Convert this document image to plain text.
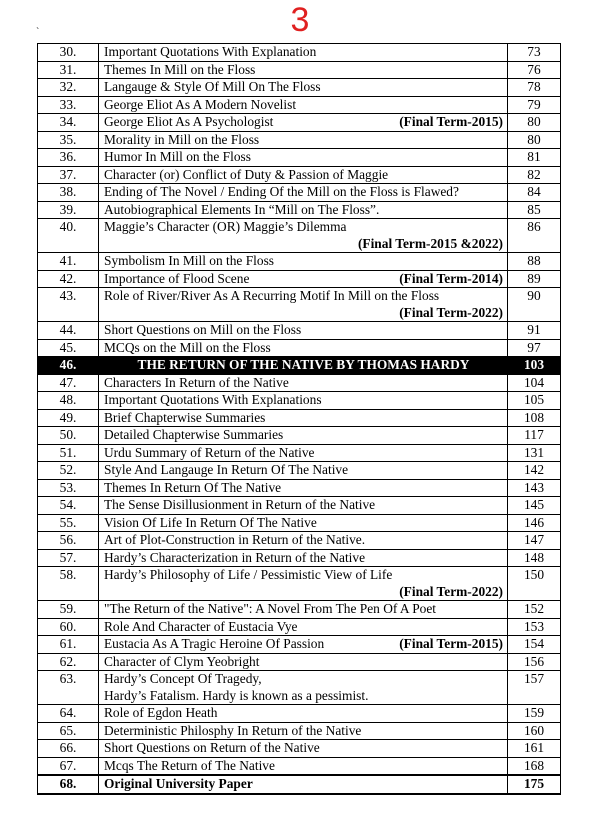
3
`
30.	Important Quotations With Explanation	73
31.	Themes In Mill on the Floss	76
32.	Langauge & Style Of Mill On The Floss	78
33.	George Eliot As A Modern Novelist	79
34.	George Eliot As A Psychologist (Final Term-2015)	80
35.	Morality in Mill on the Floss	80
36.	Humor In Mill on the Floss	81
37.	Character (or) Conflict of Duty & Passion of Maggie	82
38.	Ending of The Novel / Ending Of the Mill on the Floss is Flawed?	84
39.	Autobiographical Elements In “Mill on The Floss”.	85
40.	Maggie’s Character (OR) Maggie’s Dilemma
(Final Term-2015 &2022)	86
41.	Symbolism In Mill on the Floss	88
42.	Importance of Flood Scene (Final Term-2014)	89
43.	Role of River/River As A Recurring Motif In Mill on the Floss
(Final Term-2022)	90
44.	Short Questions on Mill on the Floss	91
45.	MCQs on the Mill on the Floss	97
46.	THE RETURN OF THE NATIVE BY THOMAS HARDY	103
47.	Characters In Return of the Native	104
48.	Important Quotations With Explanations	105
49.	Brief Chapterwise Summaries	108
50.	Detailed Chapterwise Summaries	117
51.	Urdu Summary of Return of the Native	131
52.	Style And Langauge In Return Of The Native	142
53.	Themes In Return Of The Native	143
54.	The Sense Disillusionment in Return of the Native	145
55.	Vision Of Life In Return Of The Native	146
56.	Art of Plot-Construction in Return of the Native.	147
57.	Hardy’s Characterization in Return of the Native	148
58.	Hardy’s Philosophy of Life / Pessimistic View of Life
(Final Term-2022)	150
59.	"The Return of the Native": A Novel From The Pen Of A Poet	152
60.	Role And Character of Eustacia Vye	153
61.	Eustacia As A Tragic Heroine Of Passion (Final Term-2015)	154
62.	Character of Clym Yeobright	156
63.	Hardy’s Concept Of Tragedy,
Hardy’s Fatalism. Hardy is known as a pessimist.	157
64.	Role of Egdon Heath	159
65.	Deterministic Philosphy In Return of the Native	160
66.	Short Questions on Return of the Native	161
67.	Mcqs The Return of The Native	168
68.	Original University Paper	175
